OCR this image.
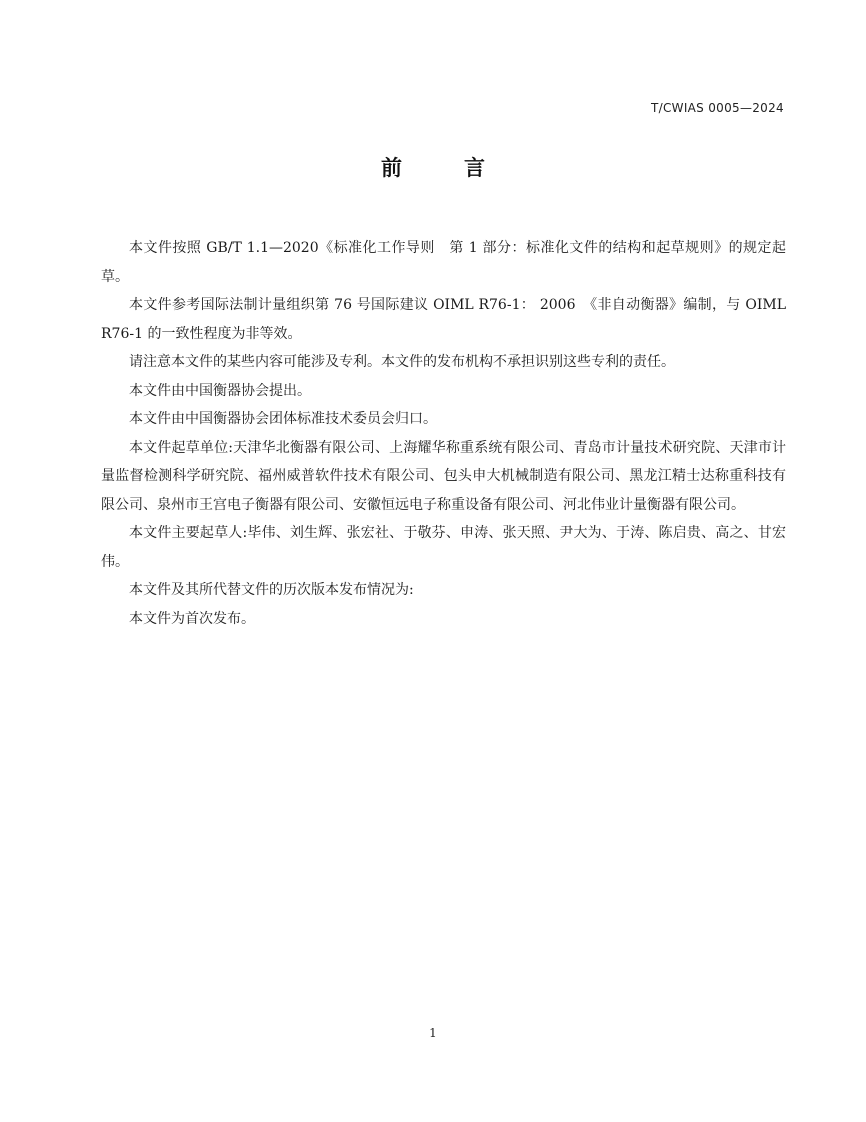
T/CWIAS 0005—2024
前	言

本文件按照 GB/T 1.1—2020《标准化工作导则　第 1 部分：标准化文件的结构和起草规则》的规定起草。

本文件参考国际法制计量组织第 76 号国际建议 OIML R76-1： 2006　《非自动衡器》编制，与 OIML R76-1 的一致性程度为非等效。

请注意本文件的某些内容可能涉及专利。本文件的发布机构不承担识别这些专利的责任。

本文件由中国衡器协会提出。

本文件由中国衡器协会团体标准技术委员会归口。

本文件起草单位:天津华北衡器有限公司、上海耀华称重系统有限公司、青岛市计量技术研究院、天津市计量监督检测科学研究院、福州威普软件技术有限公司、包头申大机械制造有限公司、黑龙江精士达称重科技有限公司、泉州市王宫电子衡器有限公司、安徽恒远电子称重设备有限公司、河北伟业计量衡器有限公司。

本文件主要起草人:毕伟、刘生辉、张宏社、于敬芬、申涛、张天照、尹大为、于涛、陈启贵、高之、甘宏伟。

本文件及其所代替文件的历次版本发布情况为:

本文件为首次发布。

1
